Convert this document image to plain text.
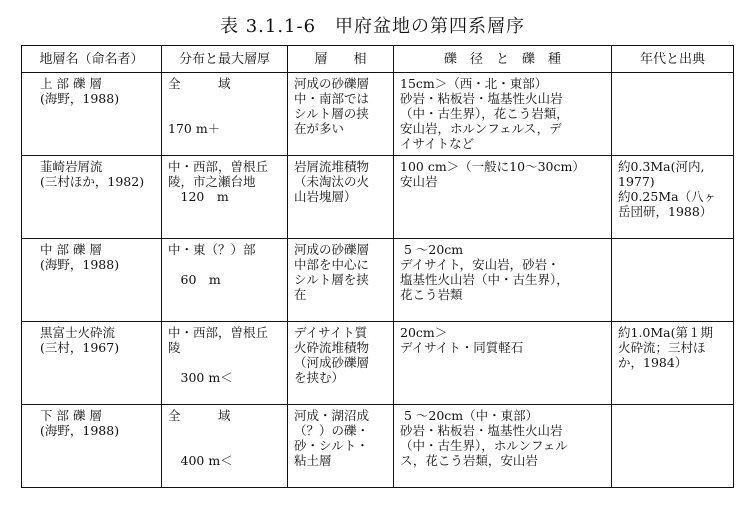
表 3.1.1-6　甲府盆地の第四系層序
地層名（命名者）	分布と最大層厚	層　　相	礫　径　と　礫　種	年代と出典

上 部 礫 層
(海野，1988)	全　　　域

170 m＋	河成の砂礫層
中・南部では
シルト層の挟
在が多い	15cm＞（西・北・東部）
砂岩・粘板岩・塩基性火山岩
（中・古生界），花こう岩類，
安山岩，ホルンフェルス，デ
イサイトなど	

韮崎岩屑流
(三村ほか，1982)	中・西部，曽根丘
陵，市之瀬台地
　120　m	岩屑流堆積物
（未淘汰の火
山岩塊層）	100 cm＞（一般に10〜30cm）
安山岩	約0.3Ma(河内,
1977)
約0.25Ma（八ヶ
岳団研，1988）

中 部 礫 層
(海野，1988)	中・東（？）部

　60　m	河成の砂礫層
中部を中心に
シルト層を挟
在	5 〜20cm
デイサイト，安山岩，砂岩・
塩基性火山岩（中・古生界），
花こう岩類	

黒富士火砕流
(三村，1967)	中・西部，曽根丘
陵

　300 m＜	デイサイト質
火砕流堆積物
（河成砂礫層
を挟む）	20cm＞
デイサイト・同質軽石	約1.0Ma(第１期
火砕流；三村ほ
か，1984）

下 部 礫 層
(海野，1988)	全　　　域

　400 m＜	河成・湖沼成
（？）の礫・
砂・シルト・
粘土層	5 〜20cm（中・東部）
砂岩・粘板岩・塩基性火山岩
（中・古生界），ホルンフェル
ス，花こう岩類，安山岩	
